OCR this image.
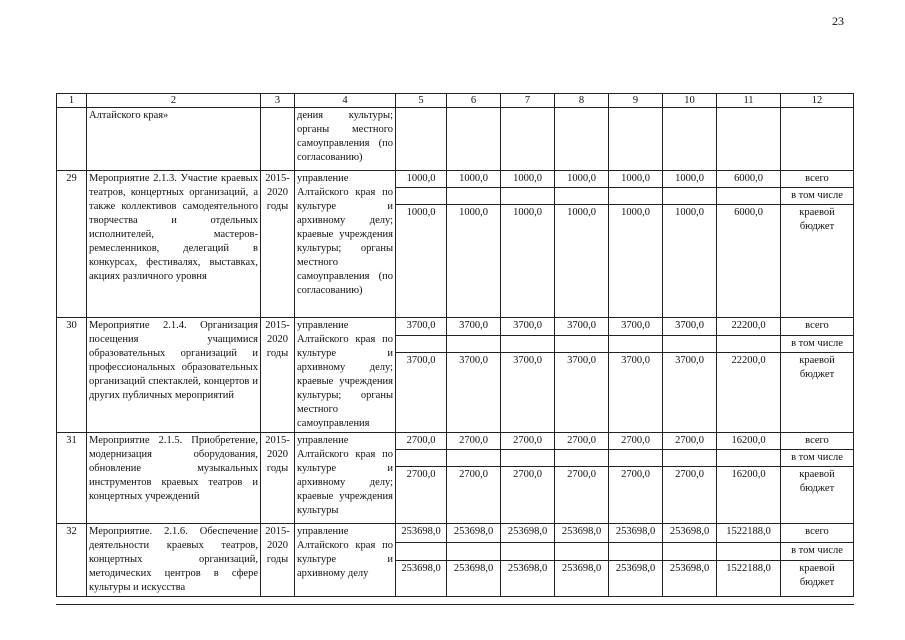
23
1	2	3	4	5	6	7	8	9	10	11	12
	Алтайского края»		дения культуры; органы местного самоуправления (по согласованию)								
29	Мероприятие 2.1.3. Участие краевых театров, концертных организаций, а также коллективов самодеятельного творчества и отдельных исполнителей, мастеров-ремесленников, делегаций в конкурсах, фестивалях, выставках, акциях различного уровня	2015-2020 годы	управление Алтайского края по культуре и архивному делу; краевые учреждения культуры; органы местного самоуправления (по согласованию)	1000,0	1000,0	1000,0	1000,0	1000,0	1000,0	6000,0	всего
											в том числе
				1000,0	1000,0	1000,0	1000,0	1000,0	1000,0	6000,0	краевой бюджет
30	Мероприятие 2.1.4. Организация посещения учащимися образовательных организаций и профессиональных образовательных организаций спектаклей, концертов и других публичных мероприятий	2015-2020 годы	управление Алтайского края по культуре и архивному делу; краевые учреждения культуры; органы местного самоуправления	3700,0	3700,0	3700,0	3700,0	3700,0	3700,0	22200,0	всего
											в том числе
				3700,0	3700,0	3700,0	3700,0	3700,0	3700,0	22200,0	краевой бюджет
31	Мероприятие 2.1.5. Приобретение, модернизация оборудования, обновление музыкальных инструментов краевых театров и концертных учреждений	2015-2020 годы	управление Алтайского края по культуре и архивному делу; краевые учреждения культуры	2700,0	2700,0	2700,0	2700,0	2700,0	2700,0	16200,0	всего
											в том числе
				2700,0	2700,0	2700,0	2700,0	2700,0	2700,0	16200,0	краевой бюджет
32	Мероприятие. 2.1.6. Обеспечение деятельности краевых театров, концертных организаций, методических центров в сфере культуры и искусства	2015-2020 годы	управление Алтайского края по культуре и архивному делу	253698,0	253698,0	253698,0	253698,0	253698,0	253698,0	1522188,0	всего
											в том числе
				253698,0	253698,0	253698,0	253698,0	253698,0	253698,0	1522188,0	краевой бюджет
